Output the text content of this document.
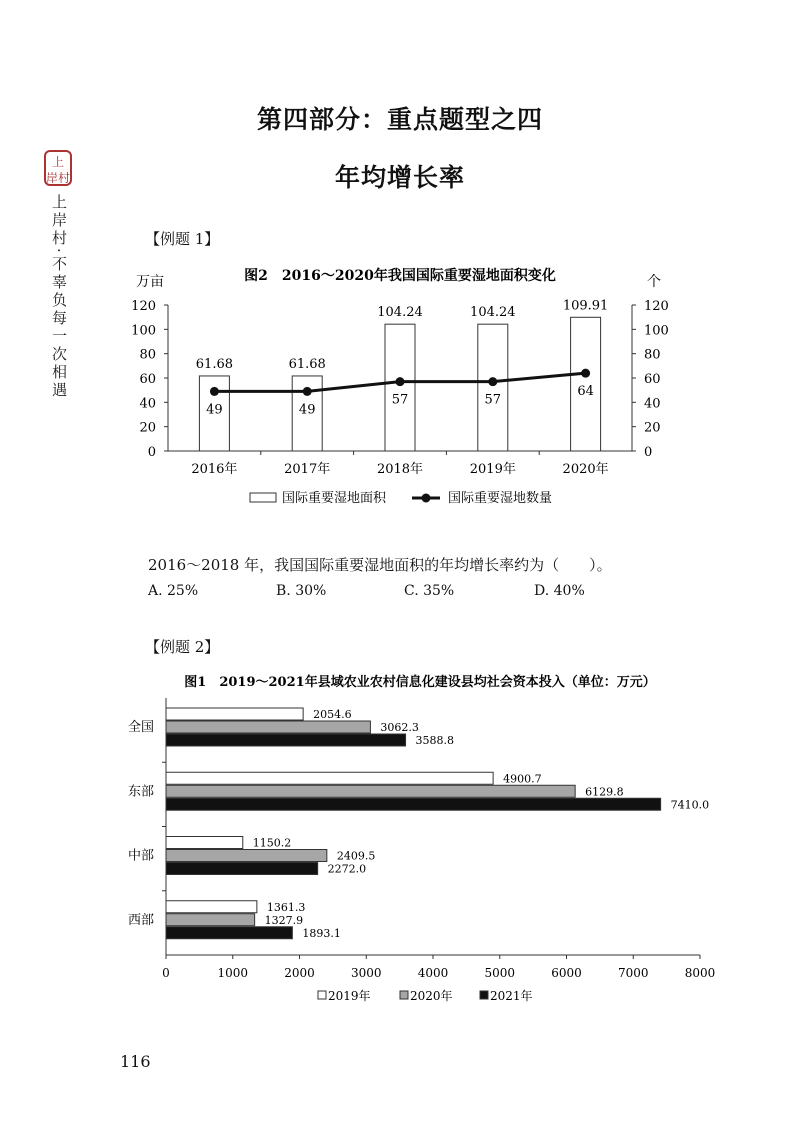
第四部分：重点题型之四
年均增长率
上
岸村
上岸村·不辜负每一次相遇	【例题 1】
图2　2016～2020年我国国际重要湿地面积变化
万亩	个
0	0
20	20
40	40
60	60
80	80
100	100
120	120
2016年
61.68
49
2017年
61.68
49
2018年
104.24
57
2019年
104.24
57
2020年
109.91
64
国际重要湿地面积	国际重要湿地数量
2016～2018 年，我国国际重要湿地面积的年均增长率约为（　　）。
A. 25%	B. 30%	C. 35%	D. 40%
【例题 2】
图1　2019～2021年县域农业农村信息化建设县均社会资本投入（单位：万元）
0	1000	2000	3000	4000	5000	6000	7000	8000
全国
2054.6
3062.3
3588.8
东部
4900.7
6129.8
7410.0
中部
1150.2
2409.5
2272.0
西部
1361.3
1327.9
1893.1
2019年	2020年	2021年
116
